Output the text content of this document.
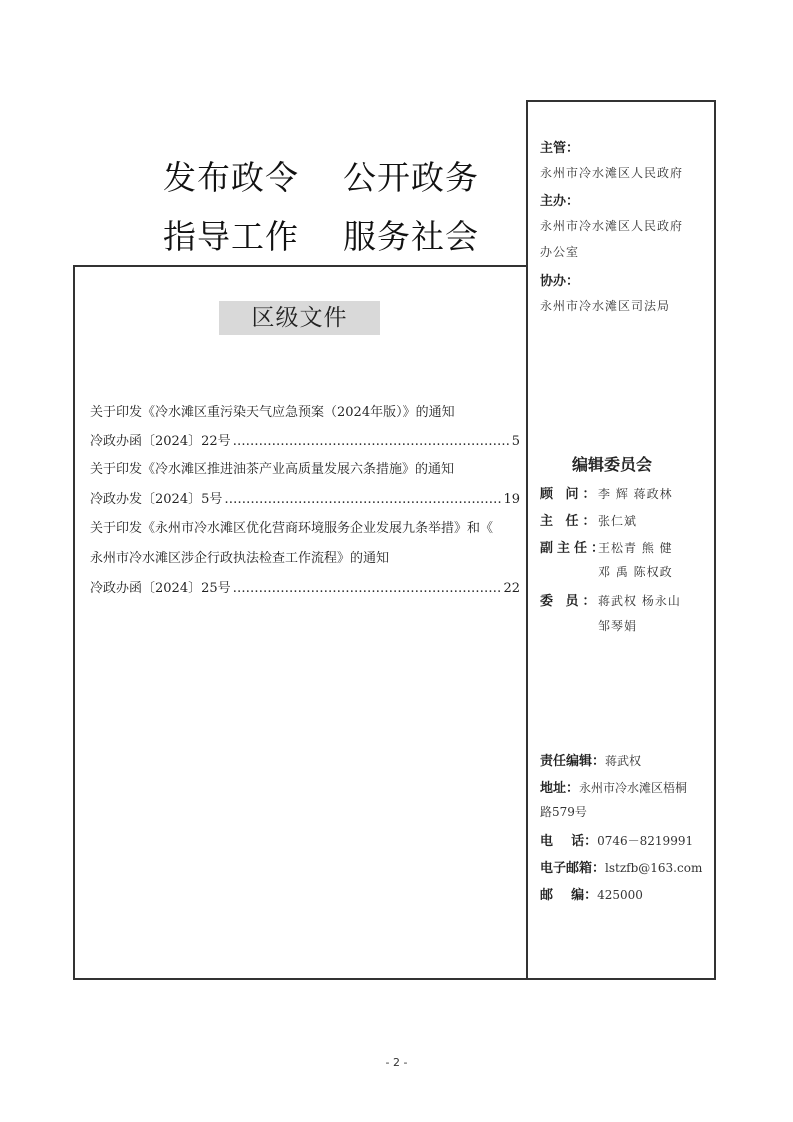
发布政令 公开政务
指导工作 服务社会
区级文件
关于印发《冷水滩区重污染天气应急预案（2024年版）》的通知
冷政办函〔2024〕22号 ………………………………………………………………………………………………………………	5
关于印发《冷水滩区推进油茶产业高质量发展六条措施》的通知
冷政办发〔2024〕5号 ………………………………………………………………………………………………………………	19
关于印发《永州市冷水滩区优化营商环境服务企业发展九条举措》和《
永州市冷水滩区涉企行政执法检查工作流程》的通知
冷政办函〔2024〕25号 ………………………………………………………………………………………………………………	22
主管：
永州市冷水滩区人民政府
主办：
永州市冷水滩区人民政府
办公室
协办：
永州市冷水滩区司法局
编辑委员会
顾 问：李 辉 蒋政林
主 任：张仁斌
副主任：王松青 熊 健
邓 禹 陈权政
委 员：蒋武权 杨永山
邹琴娟
责任编辑：蒋武权
地址：永州市冷水滩区梧桐
路579号
电    话：0746－8219991
电子邮箱：lstzfb@163.com
邮    编：425000
- 2 -
